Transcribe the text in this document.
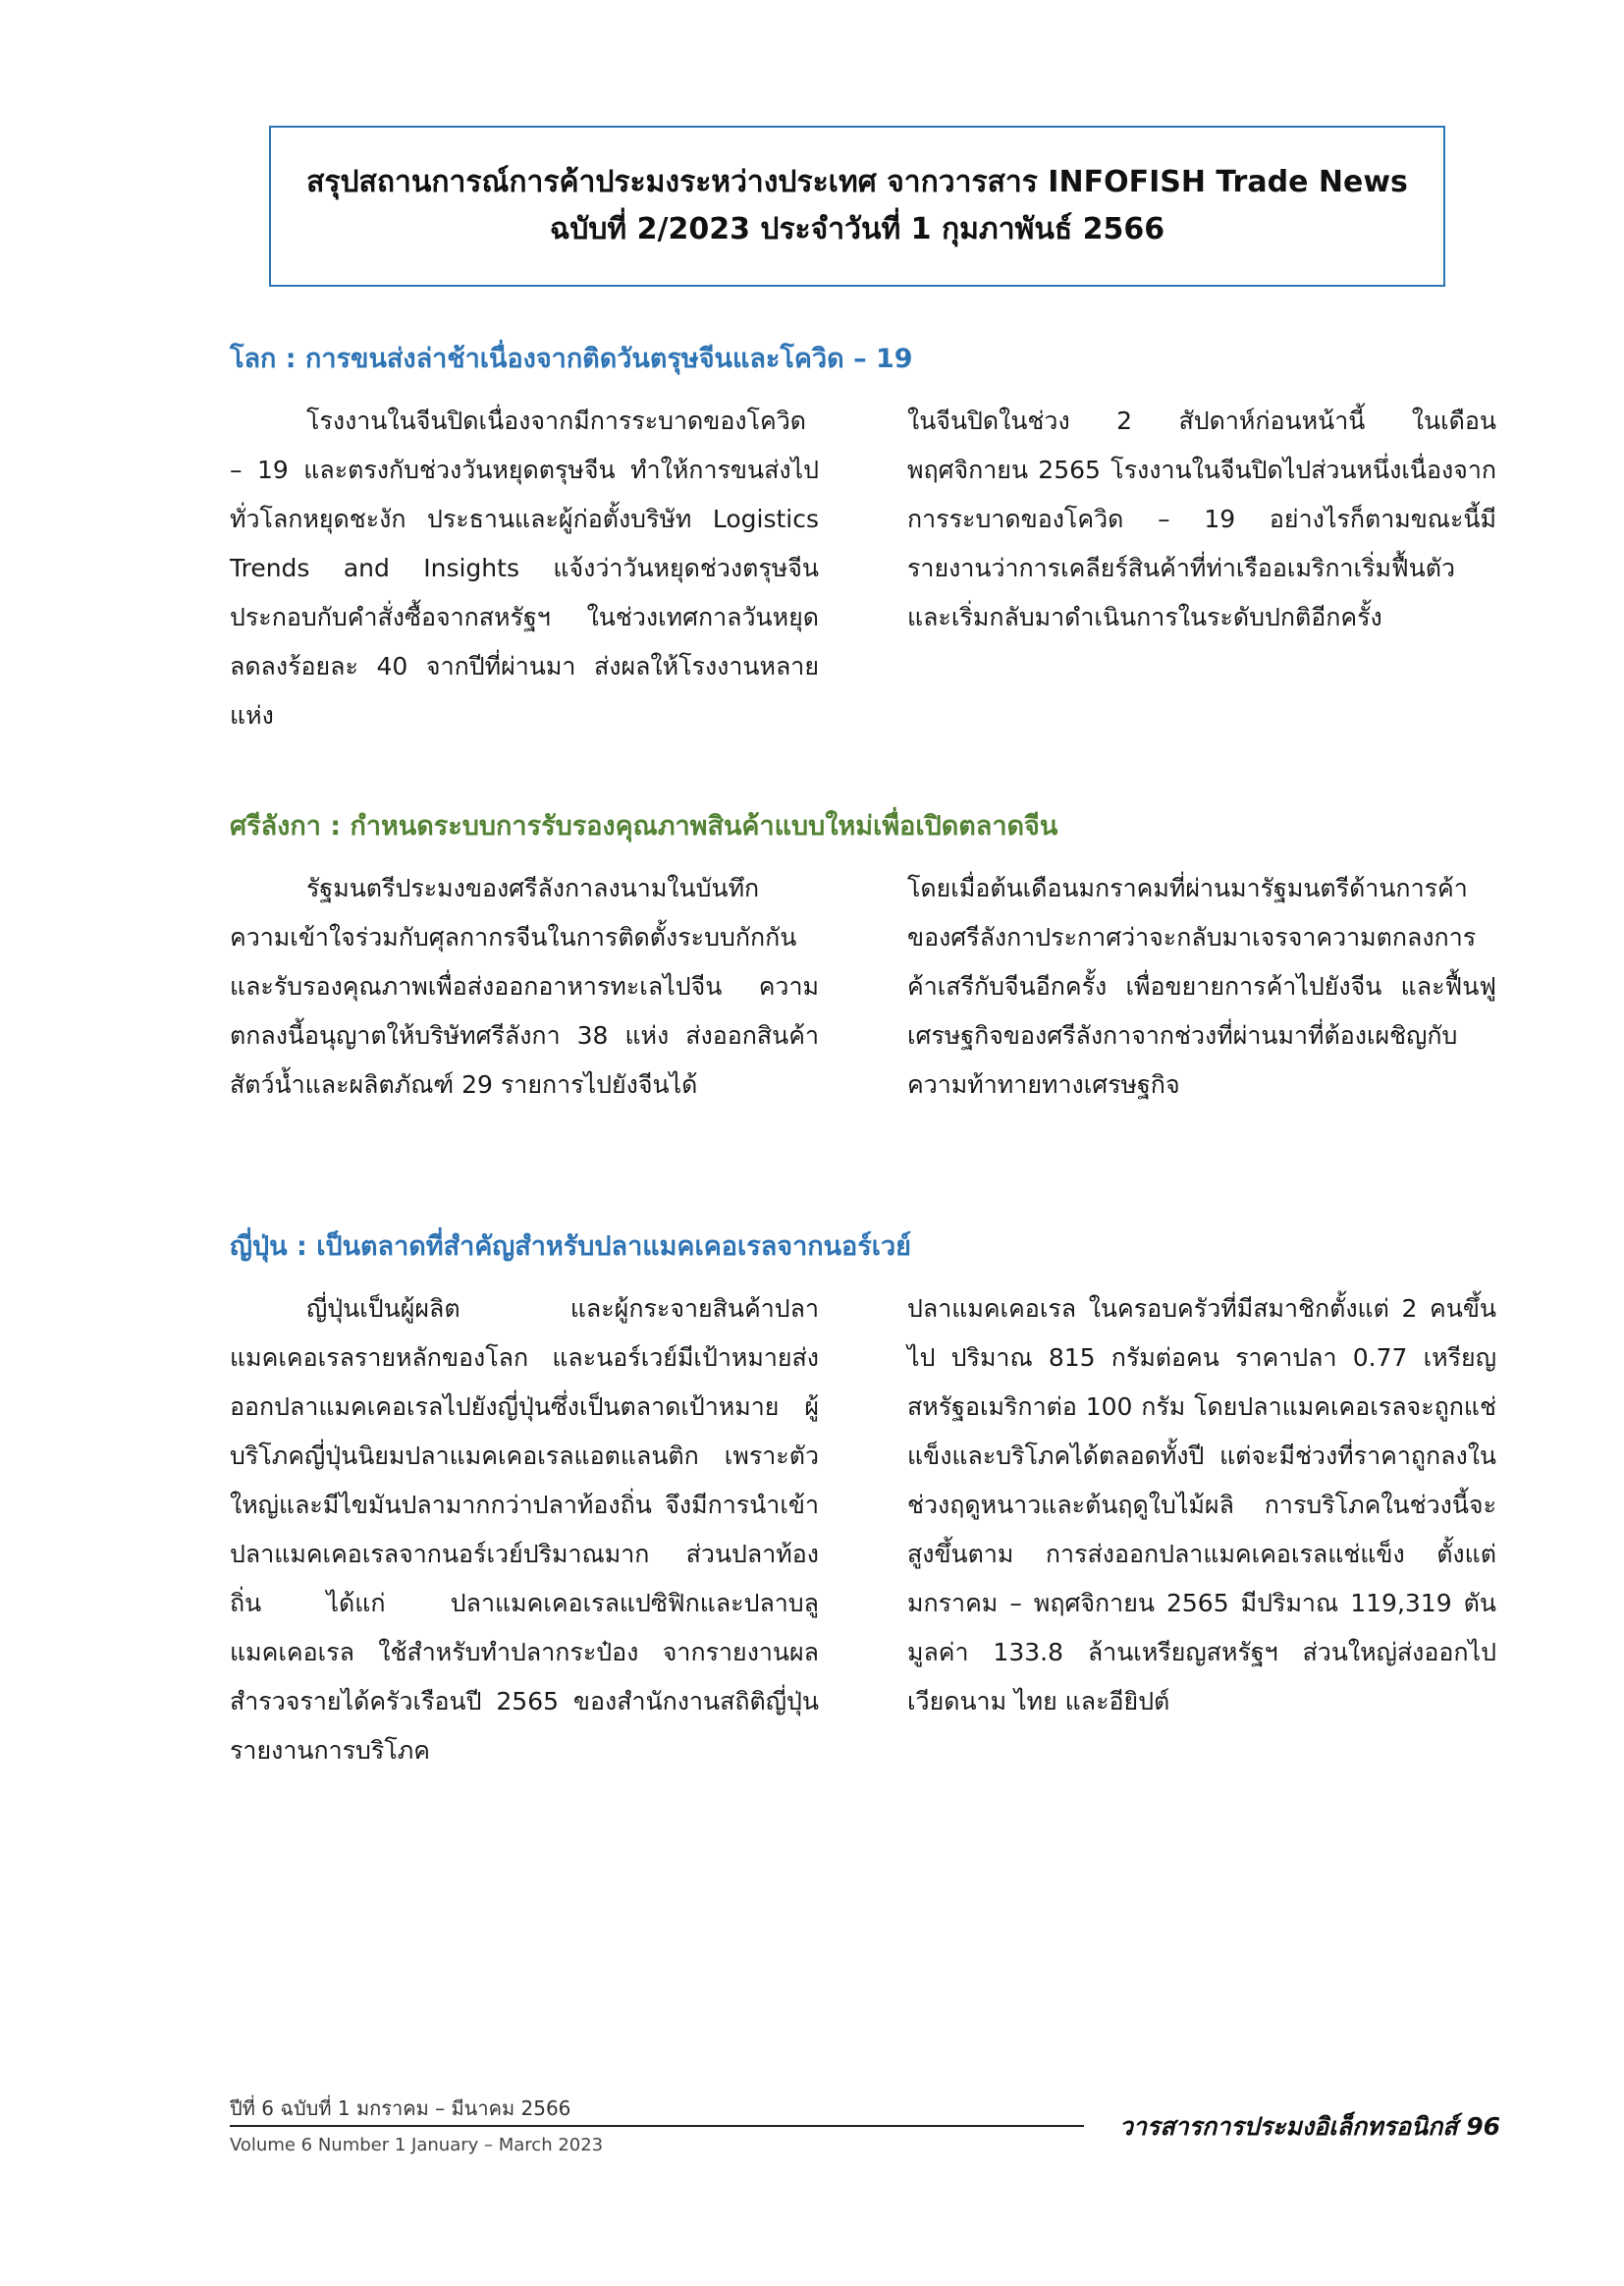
สรุปสถานการณ์การค้าประมงระหว่างประเทศ จากวารสาร INFOFISH Trade News
ฉบับที่ 2/2023 ประจำวันที่ 1 กุมภาพันธ์ 2566
โลก : การขนส่งล่าช้าเนื่องจากติดวันตรุษจีนและโควิด – 19

โรงงานในจีนปิดเนื่องจากมีการระบาดของโควิด – 19 และตรงกับช่วงวันหยุดตรุษจีน ทำให้การขนส่งไปทั่วโลกหยุดชะงัก ประธานและผู้ก่อตั้งบริษัท Logistics Trends and Insights แจ้งว่าวันหยุดช่วงตรุษจีน ประกอบกับคำสั่งซื้อจากสหรัฐฯ ในช่วงเทศกาลวันหยุดลดลงร้อยละ 40 จากปีที่ผ่านมา ส่งผลให้โรงงานหลายแห่ง

ในจีนปิดในช่วง 2 สัปดาห์ก่อนหน้านี้ ในเดือนพฤศจิกายน 2565 โรงงานในจีนปิดไปส่วนหนึ่งเนื่องจากการระบาดของโควิด – 19 อย่างไรก็ตามขณะนี้มีรายงานว่าการเคลียร์สินค้าที่ท่าเรืออเมริกาเริ่มฟื้นตัวและเริ่มกลับมาดำเนินการในระดับปกติอีกครั้ง

ศรีลังกา : กำหนดระบบการรับรองคุณภาพสินค้าแบบใหม่เพื่อเปิดตลาดจีน

รัฐมนตรีประมงของศรีลังกาลงนามในบันทึกความเข้าใจร่วมกับศุลกากรจีนในการติดตั้งระบบกักกัน และรับรองคุณภาพเพื่อส่งออกอาหารทะเลไปจีน ความตกลงนี้อนุญาตให้บริษัทศรีลังกา 38 แห่ง ส่งออกสินค้าสัตว์น้ำและผลิตภัณฑ์ 29 รายการไปยังจีนได้

โดยเมื่อต้นเดือนมกราคมที่ผ่านมารัฐมนตรีด้านการค้าของศรีลังกาประกาศว่าจะกลับมาเจรจาความตกลงการค้าเสรีกับจีนอีกครั้ง เพื่อขยายการค้าไปยังจีน และฟื้นฟูเศรษฐกิจของศรีลังกาจากช่วงที่ผ่านมาที่ต้องเผชิญกับความท้าทายทางเศรษฐกิจ

ญี่ปุ่น : เป็นตลาดที่สำคัญสำหรับปลาแมคเคอเรลจากนอร์เวย์

ญี่ปุ่นเป็นผู้ผลิต และผู้กระจายสินค้าปลาแมคเคอเรลรายหลักของโลก และนอร์เวย์มีเป้าหมายส่งออกปลาแมคเคอเรลไปยังญี่ปุ่นซึ่งเป็นตลาดเป้าหมาย ผู้บริโภคญี่ปุ่นนิยมปลาแมคเคอเรลแอตแลนติก เพราะตัวใหญ่และมีไขมันปลามากกว่าปลาท้องถิ่น จึงมีการนำเข้าปลาแมคเคอเรลจากนอร์เวย์ปริมาณมาก ส่วนปลาท้องถิ่น ได้แก่ ปลาแมคเคอเรลแปซิฟิกและปลาบลูแมคเคอเรล ใช้สำหรับทำปลากระป๋อง จากรายงานผลสำรวจรายได้ครัวเรือนปี 2565 ของสำนักงานสถิติญี่ปุ่น รายงานการบริโภค

ปลาแมคเคอเรล ในครอบครัวที่มีสมาชิกตั้งแต่ 2 คนขึ้นไป ปริมาณ 815 กรัมต่อคน ราคาปลา 0.77 เหรียญสหรัฐอเมริกาต่อ 100 กรัม โดยปลาแมคเคอเรลจะถูกแช่แข็งและบริโภคได้ตลอดทั้งปี แต่จะมีช่วงที่ราคาถูกลงในช่วงฤดูหนาวและต้นฤดูใบไม้ผลิ การบริโภคในช่วงนี้จะสูงขึ้นตาม การส่งออกปลาแมคเคอเรลแช่แข็ง ตั้งแต่มกราคม – พฤศจิกายน 2565 มีปริมาณ 119,319 ตัน มูลค่า 133.8 ล้านเหรียญสหรัฐฯ ส่วนใหญ่ส่งออกไปเวียดนาม ไทย และอียิปต์

ปีที่ 6 ฉบับที่ 1 มกราคม – มีนาคม 2566
Volume 6 Number 1 January – March 2023
วารสารการประมงอิเล็กทรอนิกส์ 96
